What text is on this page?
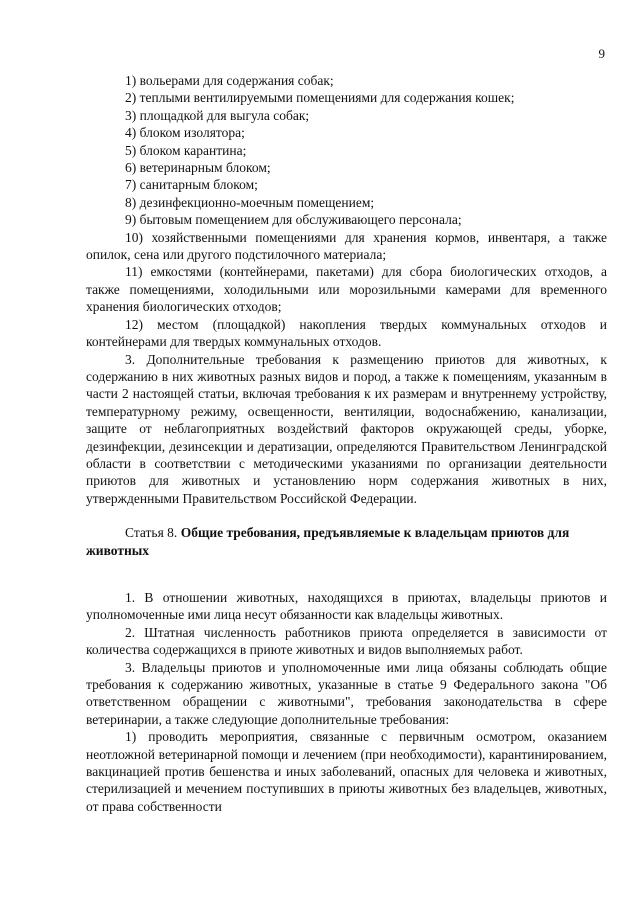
9

1) вольерами для содержания собак;

2) теплыми вентилируемыми помещениями для содержания кошек;

3) площадкой для выгула собак;

4) блоком изолятора;

5) блоком карантина;

6) ветеринарным блоком;

7) санитарным блоком;

8) дезинфекционно-моечным помещением;

9) бытовым помещением для обслуживающего персонала;

10) хозяйственными помещениями для хранения кормов, инвентаря, а также опилок, сена или другого подстилочного материала;

11) емкостями (контейнерами, пакетами) для сбора биологических отходов, а также помещениями, холодильными или морозильными камерами для временного хранения биологических отходов;

12) местом (площадкой) накопления твердых коммунальных отходов и контейнерами для твердых коммунальных отходов.

3. Дополнительные требования к размещению приютов для животных, к содержанию в них животных разных видов и пород, а также к помещениям, указанным в части 2 настоящей статьи, включая требования к их размерам и внутреннему устройству, температурному режиму, освещенности, вентиляции, водоснабжению, канализации, защите от неблагоприятных воздействий факторов окружающей среды, уборке, дезинфекции, дезинсекции и дератизации, определяются Правительством Ленинградской области в соответствии с методическими указаниями по организации деятельности приютов для животных и установлению норм содержания животных в них, утвержденными Правительством Российской Федерации.

Статья 8. Общие требования, предъявляемые к владельцам приютов для животных

1. В отношении животных, находящихся в приютах, владельцы приютов и уполномоченные ими лица несут обязанности как владельцы животных.

2. Штатная численность работников приюта определяется в зависимости от количества содержащихся в приюте животных и видов выполняемых работ.

3. Владельцы приютов и уполномоченные ими лица обязаны соблюдать общие требования к содержанию животных, указанные в статье 9 Федерального закона "Об ответственном обращении с животными", требования законодательства в сфере ветеринарии, а также следующие дополнительные требования:

1) проводить мероприятия, связанные с первичным осмотром, оказанием неотложной ветеринарной помощи и лечением (при необходимости), карантинированием, вакцинацией против бешенства и иных заболеваний, опасных для человека и животных, стерилизацией и мечением поступивших в приюты животных без владельцев, животных, от права собственности
